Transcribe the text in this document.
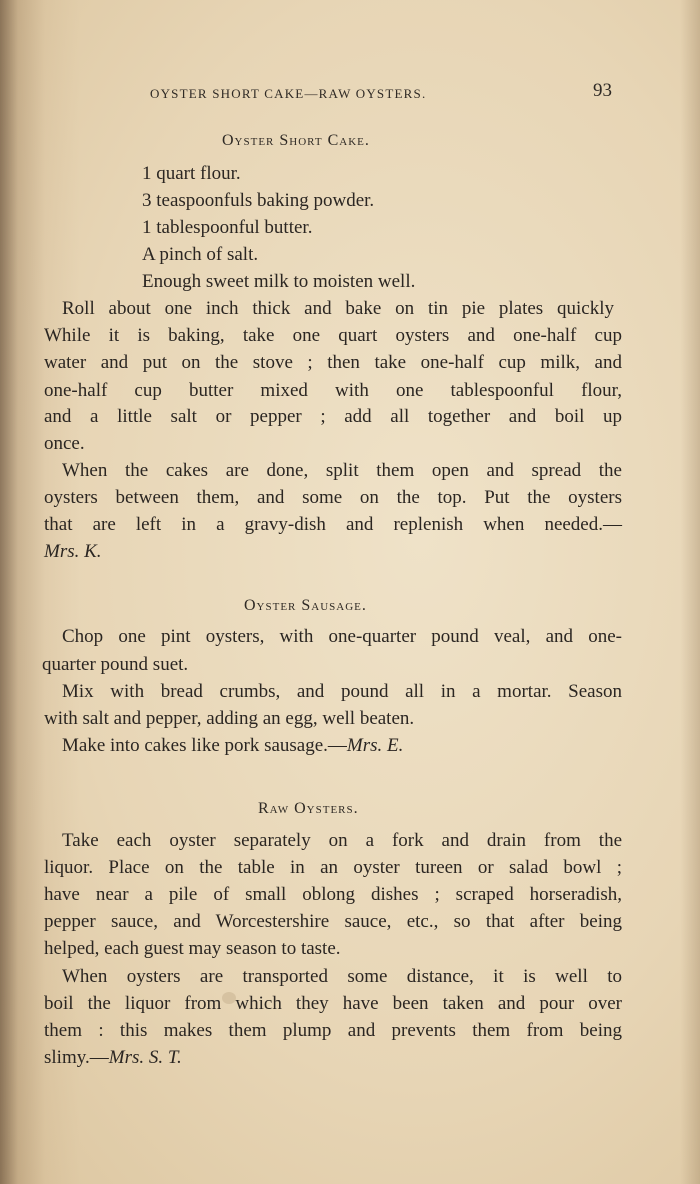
OYSTER SHORT CAKE—RAW OYSTERS.	93
Oyster Short Cake.
1 quart flour.
3 teaspoonfuls baking powder.
1 tablespoonful butter.
A pinch of salt.
Enough sweet milk to moisten well.
Roll about one inch thick and bake on tin pie plates quickly
While it is baking, take one quart oysters and one-half cup
water and put on the stove ; then take one-half cup milk, and
one-half cup butter mixed with one tablespoonful flour,
and a little salt or pepper ; add all together and boil up
once.
When the cakes are done, split them open and spread the
oysters between them, and some on the top. Put the oysters
that are left in a gravy-dish and replenish when needed.—
Mrs. K.
Oyster Sausage.
Chop one pint oysters, with one-quarter pound veal, and one-
quarter pound suet.
Mix with bread crumbs, and pound all in a mortar. Season
with salt and pepper, adding an egg, well beaten.
Make into cakes like pork sausage.—Mrs. E.
Raw Oysters.
Take each oyster separately on a fork and drain from the
liquor. Place on the table in an oyster tureen or salad bowl ;
have near a pile of small oblong dishes ; scraped horseradish,
pepper sauce, and Worcestershire sauce, etc., so that after being
helped, each guest may season to taste.
When oysters are transported some distance, it is well to
boil the liquor from which they have been taken and pour over
them : this makes them plump and prevents them from being
slimy.—Mrs. S. T.
